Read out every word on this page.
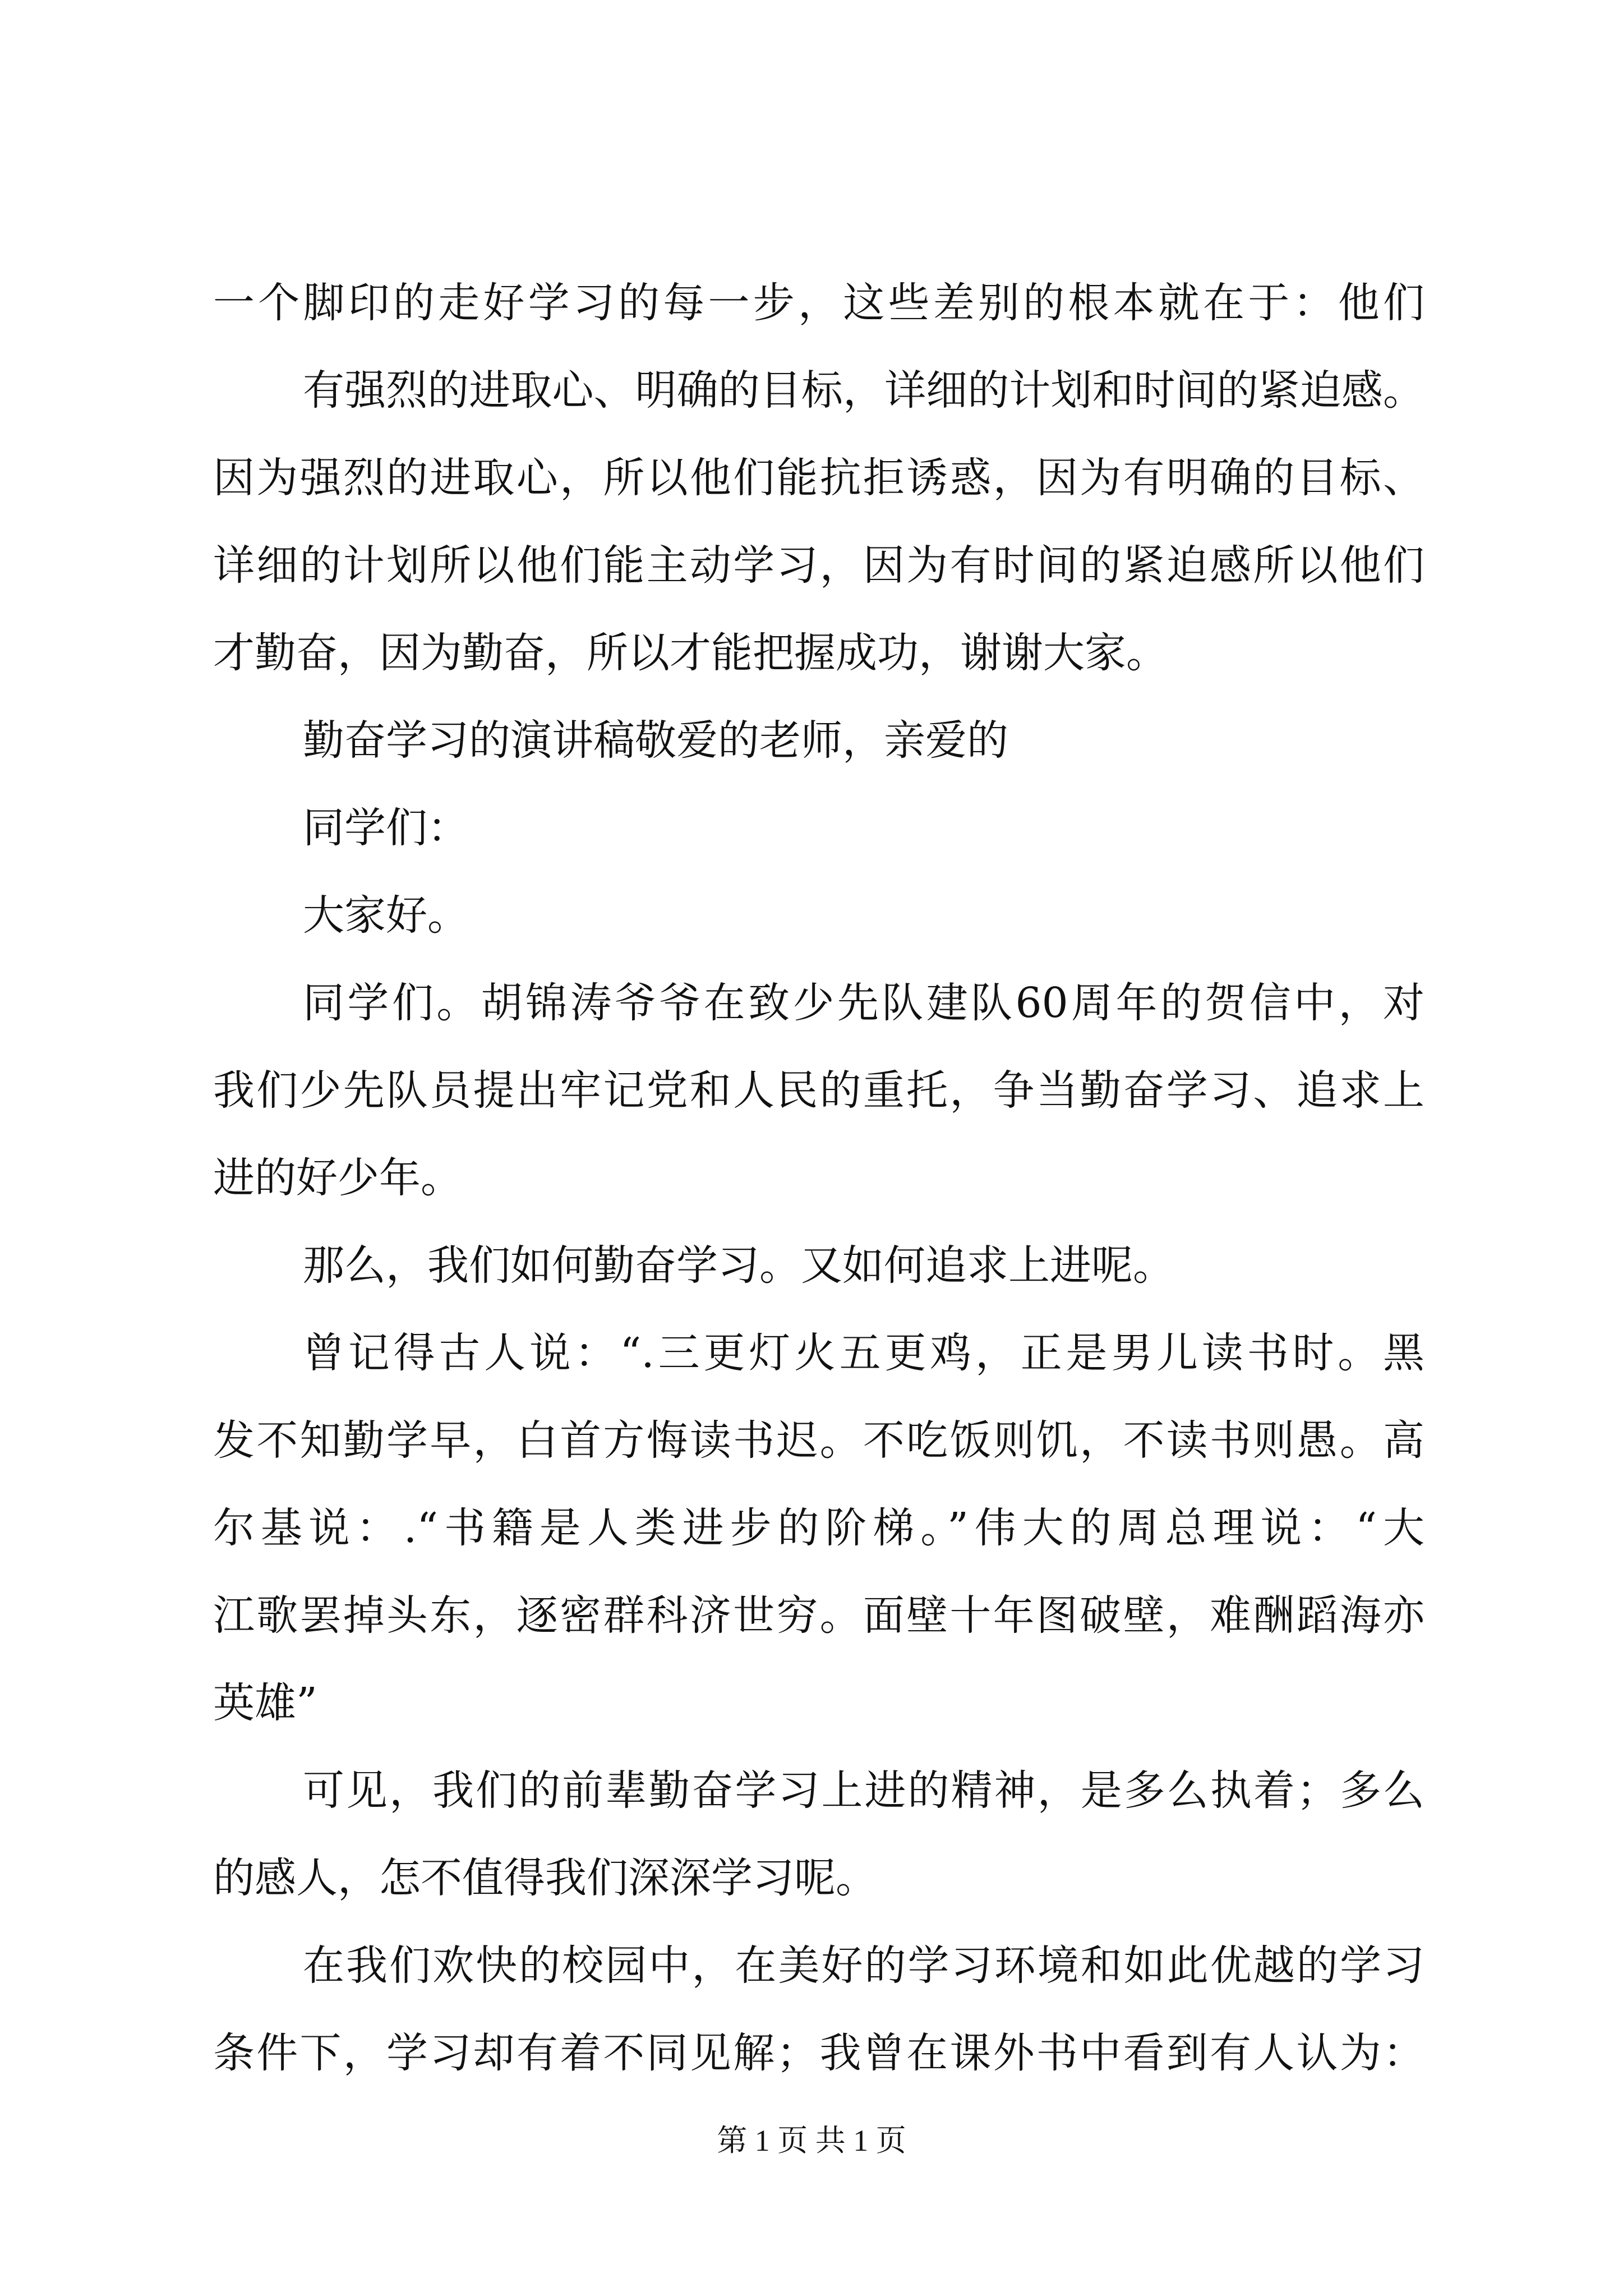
一个脚印的走好学习的每一步，这些差别的根本就在于：他们
有强烈的进取心、明确的目标，详细的计划和时间的紧迫感。
因为强烈的进取心，所以他们能抗拒诱惑，因为有明确的目标、
详细的计划所以他们能主动学习，因为有时间的紧迫感所以他们
才勤奋，因为勤奋，所以才能把握成功，谢谢大家。
勤奋学习的演讲稿敬爱的老师，亲爱的
同学们：
大家好。
同学们。胡锦涛爷爷在致少先队建队60周年的贺信中，对
我们少先队员提出牢记党和人民的重托，争当勤奋学习、追求上
进的好少年。
那么，我们如何勤奋学习。又如何追求上进呢。
曾记得古人说：“.三更灯火五更鸡，正是男儿读书时。黑
发不知勤学早，白首方悔读书迟。不吃饭则饥，不读书则愚。高
尔基说：.“书籍是人类进步的阶梯。”伟大的周总理说：“大
江歌罢掉头东，逐密群科济世穷。面壁十年图破壁，难酬蹈海亦
英雄”
可见，我们的前辈勤奋学习上进的精神，是多么执着；多么
的感人，怎不值得我们深深学习呢。
在我们欢快的校园中，在美好的学习环境和如此优越的学习
条件下，学习却有着不同见解；我曾在课外书中看到有人认为：
第 1 页 共 1 页
